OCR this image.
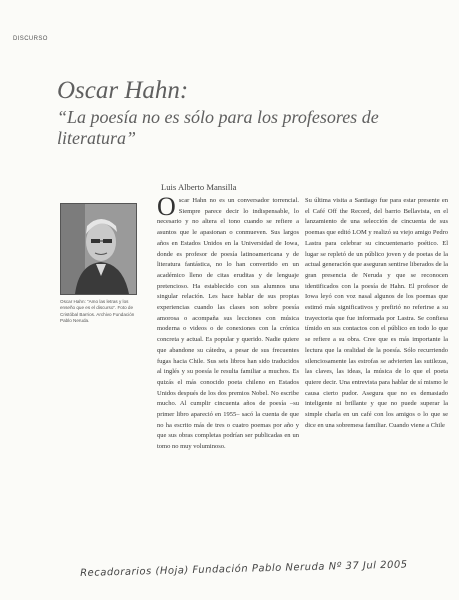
DISCURSO
Oscar Hahn:
“La poesía no es sólo para los profesores de literatura”
Luis Alberto Mansilla
Oscar Hahn: “Amo las letras y los enseño que es el discurso”. Foto de Cristóbal Barrios. Archivo Fundación Pablo Neruda.

Oscar Hahn no es un conversador torrencial. Siempre parece decir lo indispensable, lo necesario y no altera el tono cuando se refiere a asuntos que le apasionan o conmueven. Sus largos años en Estados Unidos en la Universidad de Iowa, donde es profesor de poesía latinoamericana y de literatura fantástica, no lo han convertido en un académico lleno de citas eruditas y de lenguaje pretencioso. Ha establecido con sus alumnos una singular relación. Les hace hablar de sus propias experiencias cuando las clases son sobre poesía amorosa o acompaña sus lecciones con música moderna o videos o de conexiones con la crónica concreta y actual. Es popular y querido. Nadie quiere que abandone su cátedra, a pesar de sus frecuentes fugas hacia Chile. Sus seis libros han sido traducidos al inglés y su poesía le resulta familiar a muchos. Es quizás el más conocido poeta chileno en Estados Unidos después de los dos premios Nobel. No escribe mucho. Al cumplir cincuenta años de poesía –su primer libro apareció en 1955– sacó la cuenta de que no ha escrito más de tres o cuatro poemas por año y que sus obras completas podrían ser publicadas en un tomo no muy voluminoso.

Su última visita a Santiago fue para estar presente en el Café Off the Record, del barrio Bellavista, en el lanzamiento de una selección de cincuenta de sus poemas que editó LOM y realizó su viejo amigo Pedro Lastra para celebrar su cincuentenario poético. El lugar se repletó de un público joven y de poetas de la actual generación que aseguran sentirse liberados de la gran presencia de Neruda y que se reconocen identificados con la poesía de Hahn. El profesor de Iowa leyó con voz nasal algunos de los poemas que estimó más significativos y prefirió no referirse a su trayectoria que fue informada por Lastra. Se confiesa tímido en sus contactos con el público en todo lo que se refiere a su obra. Cree que es más importante la lectura que la oralidad de la poesía. Sólo recurriendo silenciosamente las estrofas se advierten las sutilezas, las claves, las ideas, la música de lo que el poeta quiere decir. Una entrevista para hablar de sí mismo le causa cierto pudor. Asegura que no es demasiado inteligente ni brillante y que no puede superar la simple charla en un café con los amigos o lo que se dice en una sobremesa familiar. Cuando viene a Chile

Recadorarios (Hoja) Fundación Pablo Neruda Nº 37 Jul 2005
